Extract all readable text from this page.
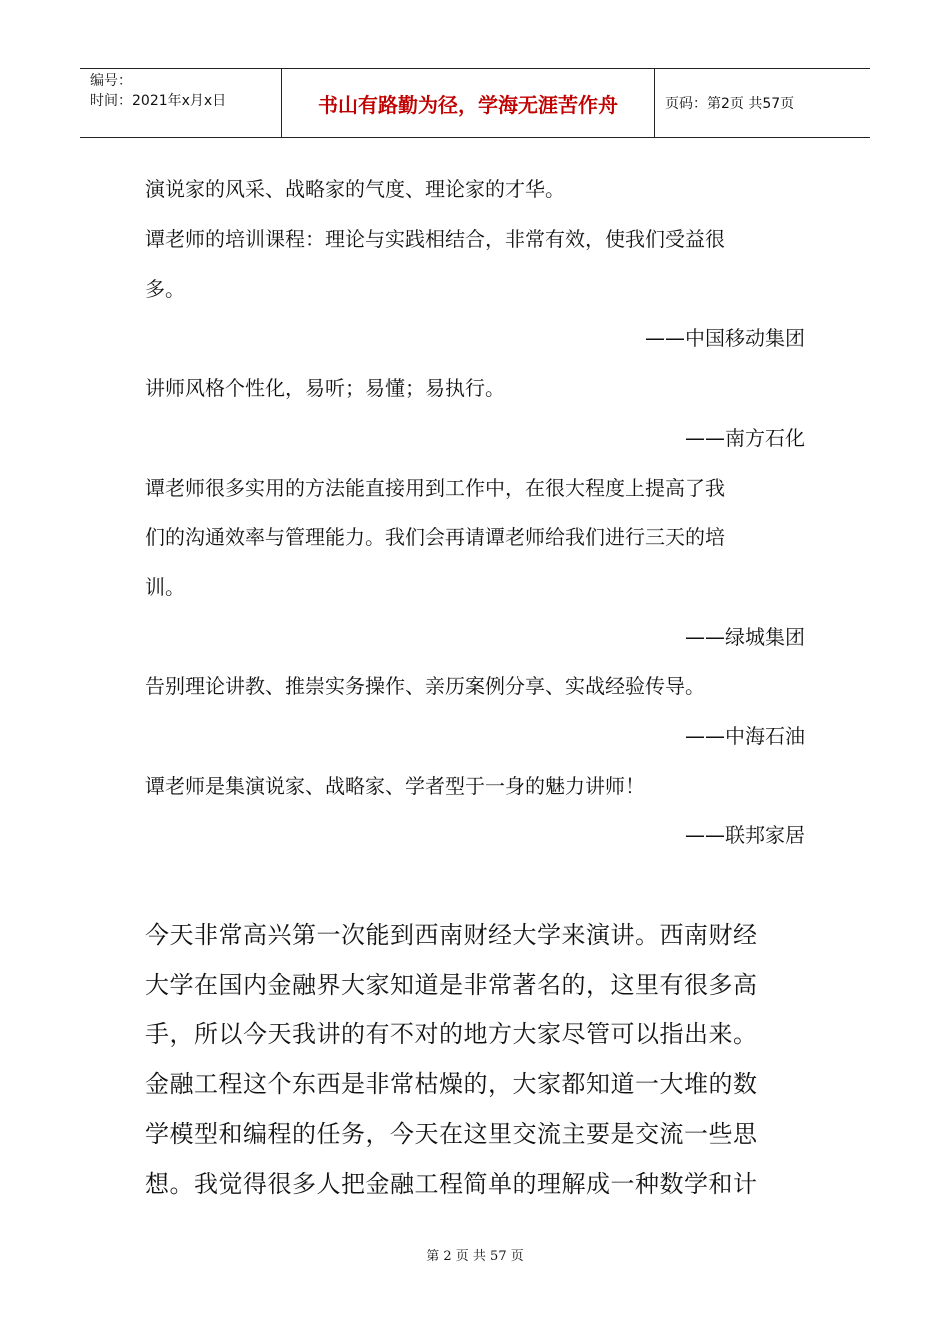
编号：
时间：2021年x月x日	书山有路勤为径，学海无涯苦作舟	页码：第2页 共57页
演说家的风采、战略家的气度、理论家的才华。
谭老师的培训课程：理论与实践相结合，非常有效，使我们受益很
多。
——中国移动集团
讲师风格个性化，易听；易懂；易执行。
——南方石化
谭老师很多实用的方法能直接用到工作中，在很大程度上提高了我
们的沟通效率与管理能力。我们会再请谭老师给我们进行三天的培
训。
——绿城集团
告别理论讲教、推崇实务操作、亲历案例分享、实战经验传导。
——中海石油
谭老师是集演说家、战略家、学者型于一身的魅力讲师！
——联邦家居
今天非常高兴第一次能到西南财经大学来演讲。西南财经
大学在国内金融界大家知道是非常著名的，这里有很多高
手，所以今天我讲的有不对的地方大家尽管可以指出来。
金融工程这个东西是非常枯燥的，大家都知道一大堆的数
学模型和编程的任务，今天在这里交流主要是交流一些思
想。我觉得很多人把金融工程简单的理解成一种数学和计
第 2 页 共 57 页
